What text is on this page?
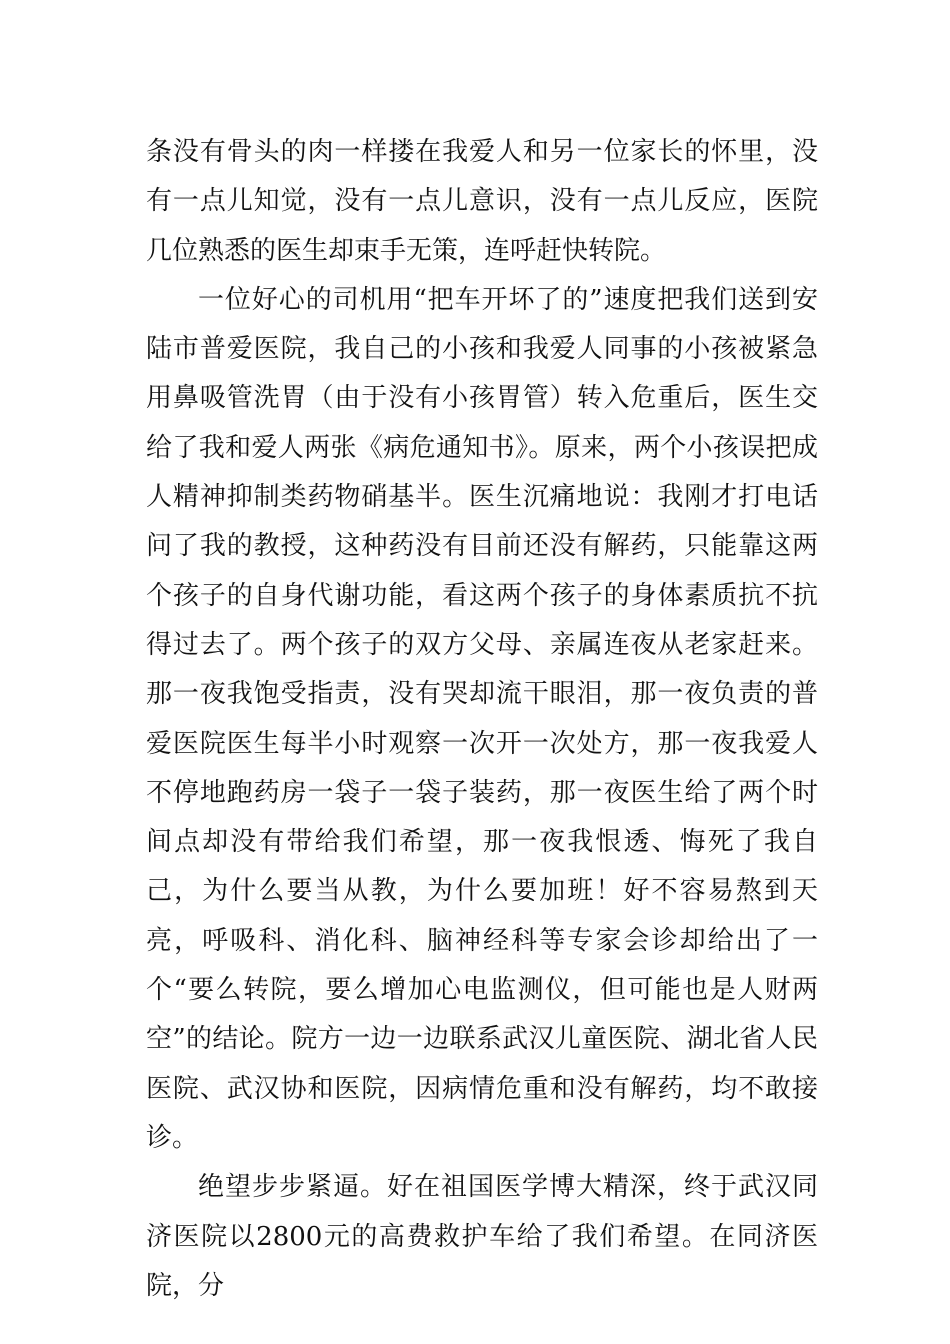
条没有骨头的肉一样搂在我爱人和另一位家长的怀里，没有一点儿知觉，没有一点儿意识，没有一点儿反应，医院几位熟悉的医生却束手无策，连呼赶快转院。

一位好心的司机用“把车开坏了的”速度把我们送到安陆市普爱医院，我自己的小孩和我爱人同事的小孩被紧急用鼻吸管洗胃（由于没有小孩胃管）转入危重后，医生交给了我和爱人两张《病危通知书》。原来，两个小孩误把成人精神抑制类药物硝基半。医生沉痛地说：我刚才打电话问了我的教授，这种药没有目前还没有解药，只能靠这两个孩子的自身代谢功能，看这两个孩子的身体素质抗不抗得过去了。两个孩子的双方父母、亲属连夜从老家赶来。那一夜我饱受指责，没有哭却流干眼泪，那一夜负责的普爱医院医生每半小时观察一次开一次处方，那一夜我爱人不停地跑药房一袋子一袋子装药，那一夜医生给了两个时间点却没有带给我们希望，那一夜我恨透、悔死了我自己，为什么要当从教，为什么要加班！好不容易熬到天亮，呼吸科、消化科、脑神经科等专家会诊却给出了一个“要么转院，要么增加心电监测仪，但可能也是人财两空”的结论。院方一边一边联系武汉儿童医院、湖北省人民医院、武汉协和医院，因病情危重和没有解药，均不敢接诊。

绝望步步紧逼。好在祖国医学博大精深，终于武汉同济医院以2800元的高费救护车给了我们希望。在同济医院，分
